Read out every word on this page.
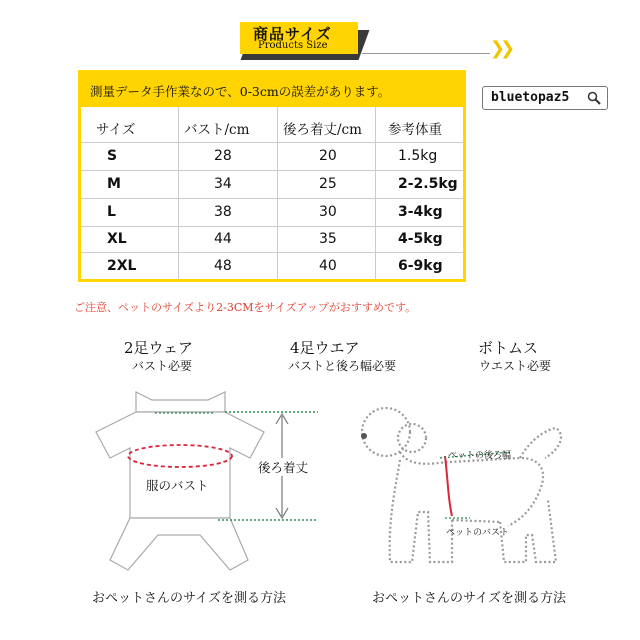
商品サイズ
Products Size	❯❯
測量データ手作業なので、0-3cmの誤差があります。
サイズ	バスト/cm 後ろ着丈/cm 参考体重
S	28	20	1.5kg
M	34	25	2-2.5kg
L	38	30	3-4kg
XL	44	35	4-5kg
2XL	48	40	6-9kg
bluetopaz5
ご注意、ペットのサイズより2-3CMをサイズアップがおすすめです。
2足ウェア
バスト必要
4足ウエア
バストと後ろ幅必要
ボトムス
ウエスト必要
後ろ着丈
服のバスト
おペットさんのサイズを測る方法
ペットの後ろ幅
ペットのバスト
おペットさんのサイズを測る方法
